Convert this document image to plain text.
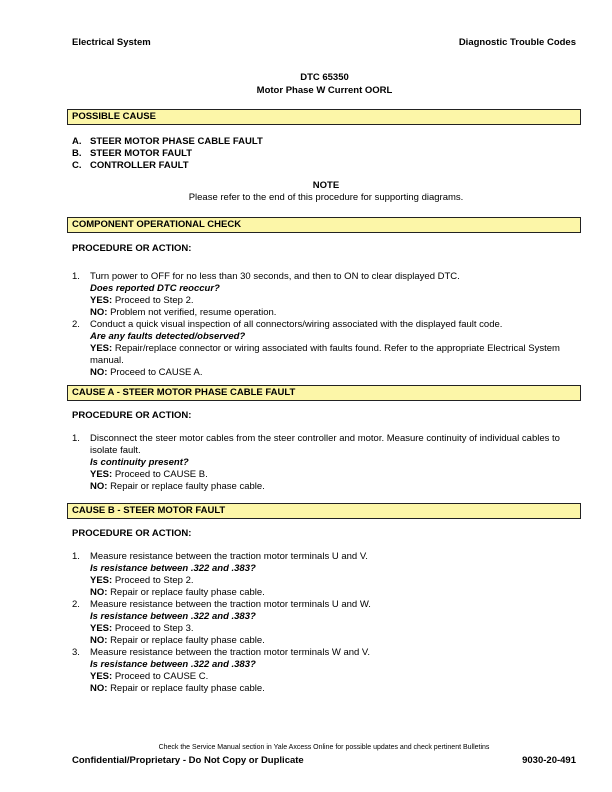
Electrical System	Diagnostic Trouble Codes
DTC 65350
Motor Phase W Current OORL
POSSIBLE CAUSE
A. STEER MOTOR PHASE CABLE FAULT
B. STEER MOTOR FAULT
C. CONTROLLER FAULT
NOTE
Please refer to the end of this procedure for supporting diagrams.
COMPONENT OPERATIONAL CHECK
PROCEDURE OR ACTION:
1.	Turn power to OFF for no less than 30 seconds, and then to ON to clear displayed DTC.
Does reported DTC reoccur?
YES: Proceed to Step 2.
NO: Problem not verified, resume operation.
2.	Conduct a quick visual inspection of all connectors/wiring associated with the displayed fault code.
Are any faults detected/observed?
YES: Repair/replace connector or wiring associated with faults found. Refer to the appropriate Electrical System manual.
NO: Proceed to CAUSE A.
CAUSE A - STEER MOTOR PHASE CABLE FAULT
PROCEDURE OR ACTION:
1.	Disconnect the steer motor cables from the steer controller and motor. Measure continuity of individual cables to isolate fault.
Is continuity present?
YES: Proceed to CAUSE B.
NO: Repair or replace faulty phase cable.
CAUSE B - STEER MOTOR FAULT
PROCEDURE OR ACTION:
1.	Measure resistance between the traction motor terminals U and V.
Is resistance between .322 and .383?
YES: Proceed to Step 2.
NO: Repair or replace faulty phase cable.
2.	Measure resistance between the traction motor terminals U and W.
Is resistance between .322 and .383?
YES: Proceed to Step 3.
NO: Repair or replace faulty phase cable.
3.	Measure resistance between the traction motor terminals W and V.
Is resistance between .322 and .383?
YES: Proceed to CAUSE C.
NO: Repair or replace faulty phase cable.
Check the Service Manual section in Yale Axcess Online for possible updates and check pertinent Bulletins
Confidential/Proprietary - Do Not Copy or Duplicate	9030-20-491
